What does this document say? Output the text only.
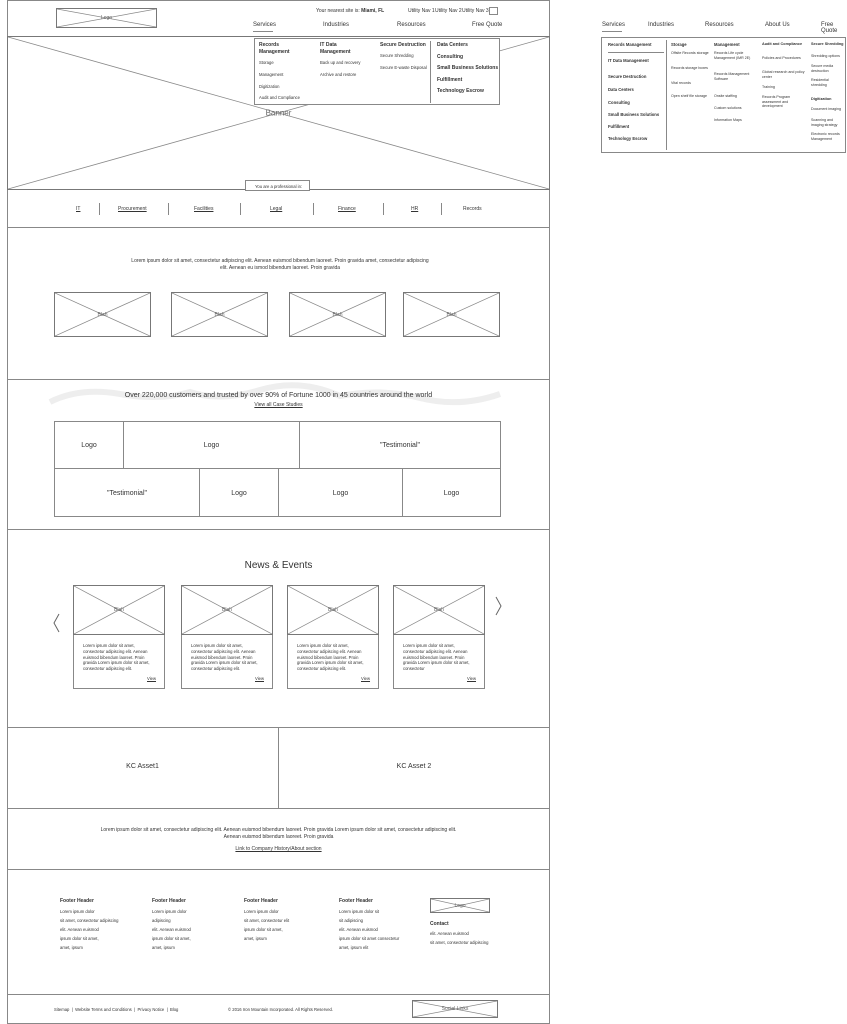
Logo
Your nearest site is: Miami, FL	Utility Nav 1 Utility Nav 2 Utility Nav 3
Services	Industries	Resources	Free Quote
Banner
You are a professional in:
Records Management
Storage
Management
Digitization
Audit and Compliance
IT Data Management
Back up and recovery
Archive and restore
Secure Destruction
Secure Shredding
Secure E-waste Disposal
Data Centers
Consulting
Small Business Solutions
Fulfillment
Technology Escrow
IT	Procurement	Facilities	Legal	Finance	HR	Records
Lorem ipsum dolor sit amet, consectetur adipiscing elit. Aenean euismod bibendum laoreet. Proin gravida amet, consectetur adipiscing elit. Aenean eu ismod bibendum laoreet. Proin gravida
Blah	Blah	Blah	Blah
Over 220,000 customers and trusted by over 90% of Fortune 1000 in 45 countries around the world
View all Case Studies
Logo	Logo	"Testimonial"
"Testimonial"	Logo	Logo	Logo
News & Events
Blah
Lorem ipsum dolor sit amet, consectetur adipiscing elit. Aenean euismod bibendum laoreet. Proin gravida Lorem ipsum dolor sit amet, consectetur adipiscing elit.
View
Blah
Lorem ipsum dolor sit amet, consectetur adipiscing elit. Aenean euismod bibendum laoreet. Proin gravida Lorem ipsum dolor sit amet, consectetur adipiscing elit.
View
Blah
Lorem ipsum dolor sit amet, consectetur adipiscing elit. Aenean euismod bibendum laoreet. Proin gravida Lorem ipsum dolor sit amet, consectetur adipiscing elit.
View
Blah
Lorem ipsum dolor sit amet, consectetur adipiscing elit. Aenean euismod bibendum laoreet. Proin gravida Lorem ipsum dolor sit amet, consectetur
View
KC Asset1	KC Asset 2
Lorem ipsum dolor sit amet, consectetur adipiscing elit. Aenean euismod bibendum laoreet. Proin gravida Lorem ipsum dolor sit amet, consectetur adipiscing elit.
Aenean euismod bibendum laoreet. Proin gravida
Link to Company History/About section
Footer Header
Lorem ipsum dolor
sit amet, consectetur adipiscing
elit. Aenean euismod
ipsum dolor sit amet,
amet, ipsum
Footer Header
Lorem ipsum dolor
adipiscing
elit. Aenean euismod
ipsum dolor sit amet,
amet, ipsum
Footer Header
Lorem ipsum dolor
sit amet, consectetur elit
ipsum dolor sit amet,
amet, ipsum
Footer Header
Lorem ipsum dolor sit
sit adipiscing
elit. Aenean euismod
ipsum dolor sit amet consectetur
amet, ipsum elit
Logo
Contact
elit. Aenean euismod
sit amet, consectetur adipiscing
Sitemap  |  Website Terms and Conditions  |  Privacy Notice  |  Blog	© 2016 Iron Mountain Incorporated. All Rights Reserved.	Social Links
Services	Industries	Resources	About Us	Free Quote
Records Management
IT Data Management
Secure Destruction
Data Centers
Consulting
Small Business Solutions
Fulfillment
Technology Escrow
Storage
Offsite Records storage
Records storage boxes
Vital records
Open shelf file storage
Management
Records Life cycle Management (IMR 2E)
Records Management Software
Onsite staffing
Custom solutions
Information Maps
Audit and Compliance
Policies and Procedures
Global research and policy center
Training
Records Program assessment and development
Secure Shredding
Shredding options
Secure media destruction
Residential shredding
Digitization
Document imaging
Scanning and imaging strategy
Electronic records Management
